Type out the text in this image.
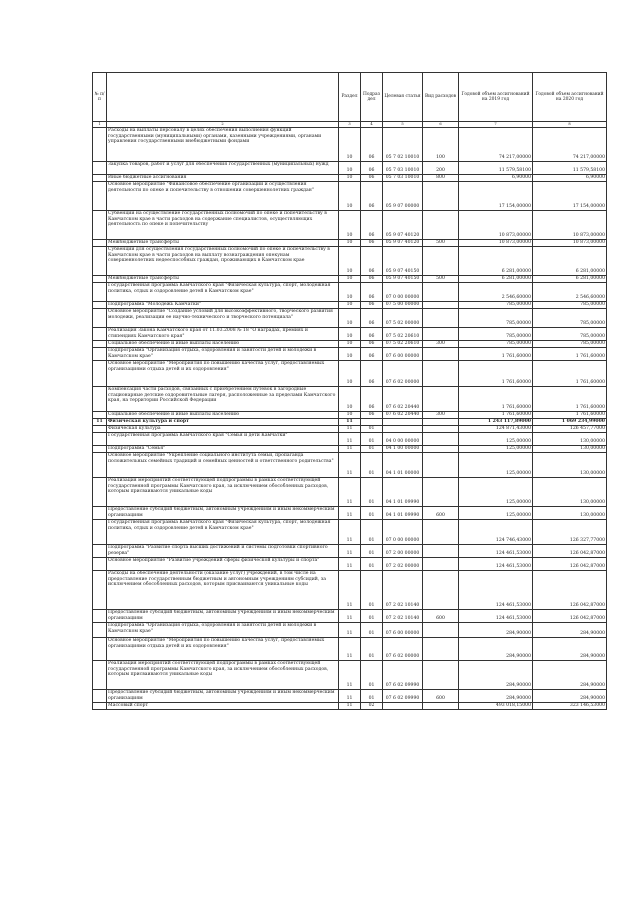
№ п/п		Раздел	Подраздел	Целевая статья	Вид расходов	Годовой объем ассигнований на 2019 год	Годовой объем ассигнований на 2020 год
1	2	3	4	5	6	7	8
	Расходы на выплаты персоналу в целях обеспечения выполнения функций государственными (муниципальными) органами, казенными учреждениями, органами управления государственными внебюджетными фондами	10	06	05 7 02 10010	100	74 217,00000	74 217,00000
	Закупка товаров, работ и услуг для обеспечения государственных (муниципальных) нужд	10	06	05 7 03 10010	200	11 579,58100	11 579,58100
	Иные бюджетные ассигнования	10	06	05 7 03 10010	800	6,90000	6,90000
	Основное мероприятие "Финансовое обеспечение организации и осуществления деятельности по опеке и попечительству в отношении совершеннолетних граждан"	10	06	05 9 07 00000		17 154,00000	17 154,00000
	Субвенции на осуществление государственных полномочий по опеке и попечительству в Камчатском крае в части расходов на содержание специалистов, осуществляющих деятельность по опеке и попечительству	10	06	05 9 07 40120		10 873,00000	10 873,00000
	Межбюджетные трансферты	10	06	05 9 07 40120	500	10 873,00000	10 873,00000
	Субвенции для осуществления государственных полномочий по опеке и попечительству в Камчатском крае в части расходов на выплату вознаграждения опекунам совершеннолетних недееспособных граждан, проживающих в Камчатском крае	10	06	05 9 07 40150		6 281,00000	6 281,00000
	Межбюджетные трансферты	10	06	05 9 07 40150	500	6 281,00000	6 281,00000
	Государственная программа Камчатского края "Физическая культура, спорт, молодежная политика, отдых и оздоровление детей в Камчатском крае"	10	06	07 0 00 00000		2 546,60000	2 546,60000
	Подпрограмма "Молодежь Камчатки"	10	06	07 5 00 00000		785,00000	785,00000
	Основное мероприятие "Создание условий для высокоэффективного, творческого развития молодежи, реализации ее научно-технического и творческого потенциала"	10	06	07 5 02 00000		785,00000	785,00000
	Реализация Закона Камчатского края от 11.03.2008 № 18 "О наградах, премиях и стипендиях Камчатского края"	10	06	07 5 02 20610		785,00000	785,00000
	Социальное обеспечение и иные выплаты населению	10	06	07 5 02 20610	300	785,00000	785,00000
	Подпрограмма "Организация отдыха, оздоровления и занятости детей и молодежи в Камчатском крае"	10	06	07 6 00 00000		1 761,60000	1 761,60000
	Основное мероприятие "Мероприятия по повышению качества услуг, предоставляемых организациями отдыха детей и их оздоровления"	10	06	07 6 02 00000		1 761,60000	1 761,60000
	Компенсация части расходов, связанных с приобретением путевок в загородные стационарные детские оздоровительные лагеря, расположенные за пределами Камчатского края, на территории Российской Федерации	10	06	07 6 02 20440		1 761,60000	1 761,60000
	Социальное обеспечение и иные выплаты населению	10	06	07 6 02 20440	300	1 761,60000	1 761,60000
11	Физическая культура и спорт	11				1 243 117,89000	1 069 234,99000
	Физическая культура	11	01			124 871,43000	126 457,77000
	Государственная программа Камчатского края "Семья и дети Камчатки"	11	01	04 0 00 00000		125,00000	130,00000
	Подпрограмма "Семья"	11	01	04 1 00 00000		125,00000	130,00000
	Основное мероприятие "Укрепление социального института семьи, пропаганда положительных семейных традиций и семейных ценностей и ответственного родительства"	11	01	04 1 01 00000		125,00000	130,00000
	Реализация мероприятий соответствующей подпрограммы в рамках соответствующей государственной программы Камчатского края, за исключением обособленных расходов, которым присваиваются уникальные коды	11	01	04 1 01 09990		125,00000	130,00000
	Предоставление субсидий бюджетным, автономным учреждениям и иным некоммерческим организациям	11	01	04 1 01 09990	600	125,00000	130,00000
	Государственная программа Камчатского края "Физическая культура, спорт, молодежная политика, отдых и оздоровление детей в Камчатском крае"	11	01	07 0 00 00000		124 746,43000	126 327,77000
	Подпрограмма "Развитие спорта высших достижений и системы подготовки спортивного резерва"	11	01	07 2 00 00000		124 461,53000	126 042,87000
	Основное мероприятие "Развитие учреждений сферы физической культуры и спорта"	11	01	07 2 02 00000		124 461,53000	126 042,87000
	Расходы на обеспечение деятельности (оказание услуг) учреждений, в том числе на предоставление государственным бюджетным и автономным учреждениям субсидий, за исключением обособленных расходов, которым присваиваются уникальные коды	11	01	07 2 02 10140		124 461,53000	126 042,87000
	Предоставление субсидий бюджетным, автономным учреждениям и иным некоммерческим организациям	11	01	07 2 02 10140	600	124 461,53000	126 042,87000
	Подпрограмма "Организация отдыха, оздоровления и занятости детей и молодежи в Камчатском крае"	11	01	07 6 00 00000		284,90000	284,90000
	Основное мероприятие "Мероприятия по повышению качества услуг, предоставляемых организациями отдыха детей и их оздоровления"	11	01	07 6 02 00000		284,90000	284,90000
	Реализация мероприятий соответствующей подпрограммы в рамках соответствующей государственной программы Камчатского края, за исключением обособленных расходов, которым присваиваются уникальные коды	11	01	07 6 02 09990		284,90000	284,90000
	Предоставление субсидий бюджетным, автономным учреждениям и иным некоммерческим организациям	11	01	07 6 02 09990	600	284,90000	284,90000
	Массовый спорт	11	02			493 018,15000	323 146,53000
